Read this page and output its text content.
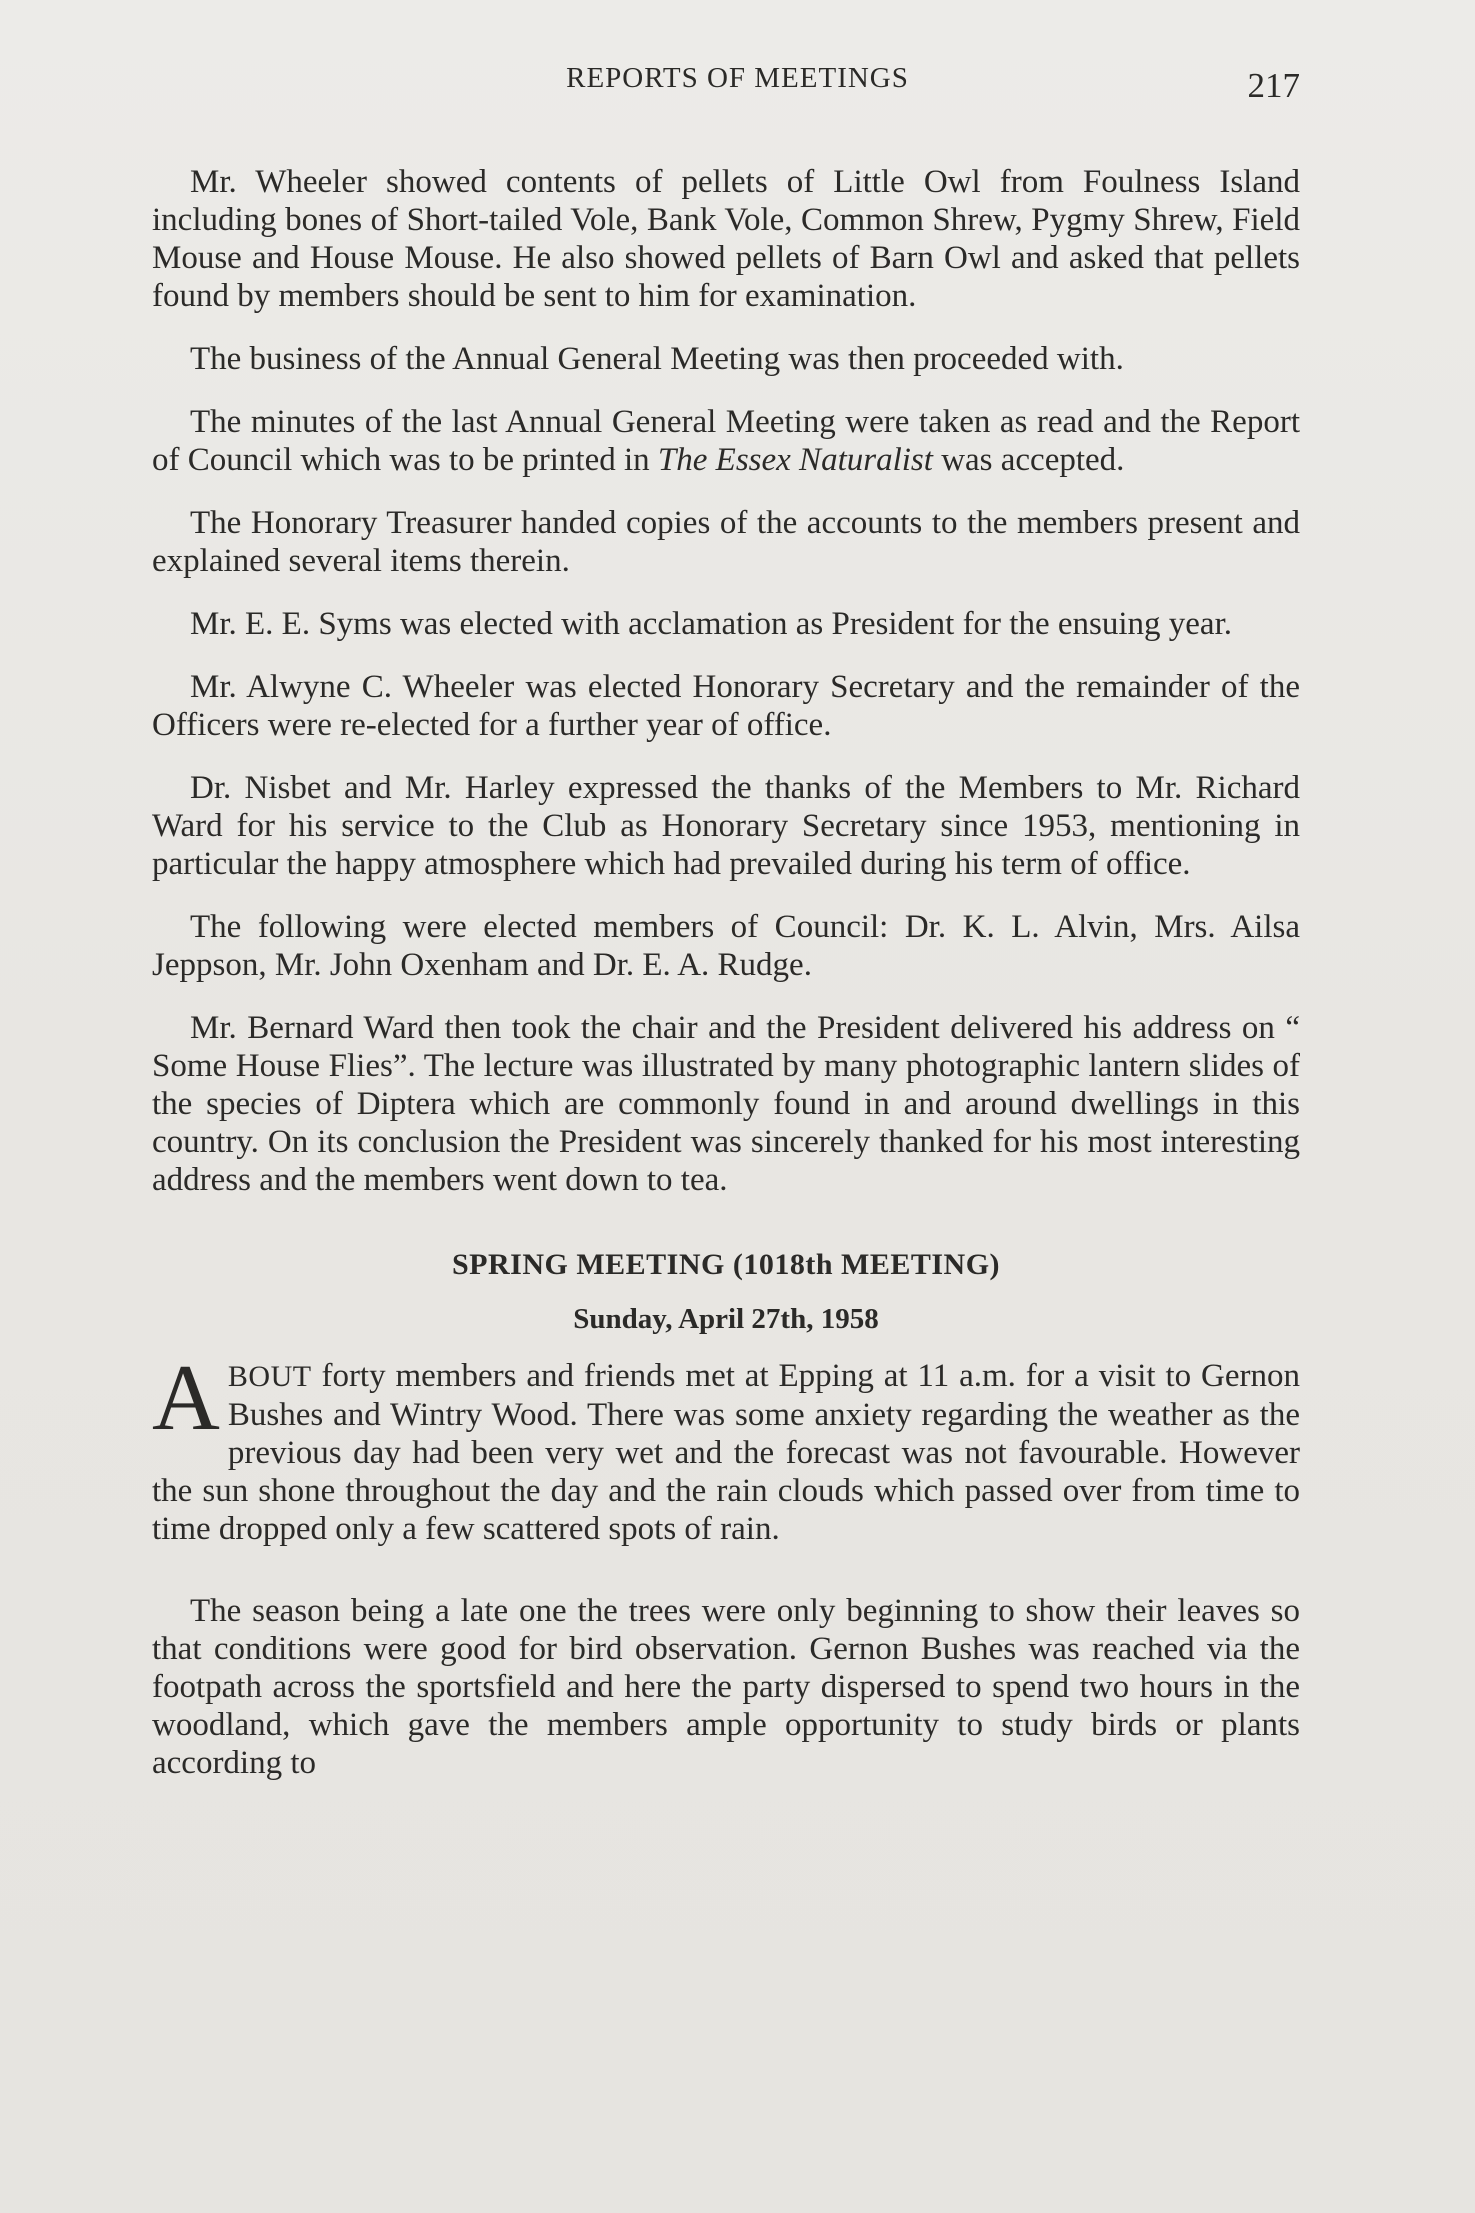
REPORTS OF MEETINGS	217

Mr. Wheeler showed contents of pellets of Little Owl from Foulness Island including bones of Short-tailed Vole, Bank Vole, Common Shrew, Pygmy Shrew, Field Mouse and House Mouse. He also showed pellets of Barn Owl and asked that pellets found by members should be sent to him for examination.

The business of the Annual General Meeting was then proceeded with.

The minutes of the last Annual General Meeting were taken as read and the Report of Council which was to be printed in The Essex Naturalist was accepted.

The Honorary Treasurer handed copies of the accounts to the members present and explained several items therein.

Mr. E. E. Syms was elected with acclamation as President for the ensuing year.

Mr. Alwyne C. Wheeler was elected Honorary Secretary and the remainder of the Officers were re-elected for a further year of office.

Dr. Nisbet and Mr. Harley expressed the thanks of the Members to Mr. Richard Ward for his service to the Club as Honorary Secretary since 1953, mentioning in particular the happy atmosphere which had prevailed during his term of office.

The following were elected members of Council: Dr. K. L. Alvin, Mrs. Ailsa Jeppson, Mr. John Oxenham and Dr. E. A. Rudge.

Mr. Bernard Ward then took the chair and the President delivered his address on “ Some House Flies”. The lecture was illustrated by many photographic lantern slides of the species of Diptera which are commonly found in and around dwellings in this country. On its conclusion the President was sincerely thanked for his most interesting address and the members went down to tea.

SPRING MEETING (1018th MEETING)
Sunday, April 27th, 1958

ABOUT forty members and friends met at Epping at 11 a.m. for a visit to Gernon Bushes and Wintry Wood. There was some anxiety regarding the weather as the previous day had been very wet and the forecast was not favourable. However the sun shone throughout the day and the rain clouds which passed over from time to time dropped only a few scattered spots of rain.

The season being a late one the trees were only beginning to show their leaves so that conditions were good for bird observation. Gernon Bushes was reached via the footpath across the sportsfield and here the party dispersed to spend two hours in the woodland, which gave the members ample opportunity to study birds or plants according to
